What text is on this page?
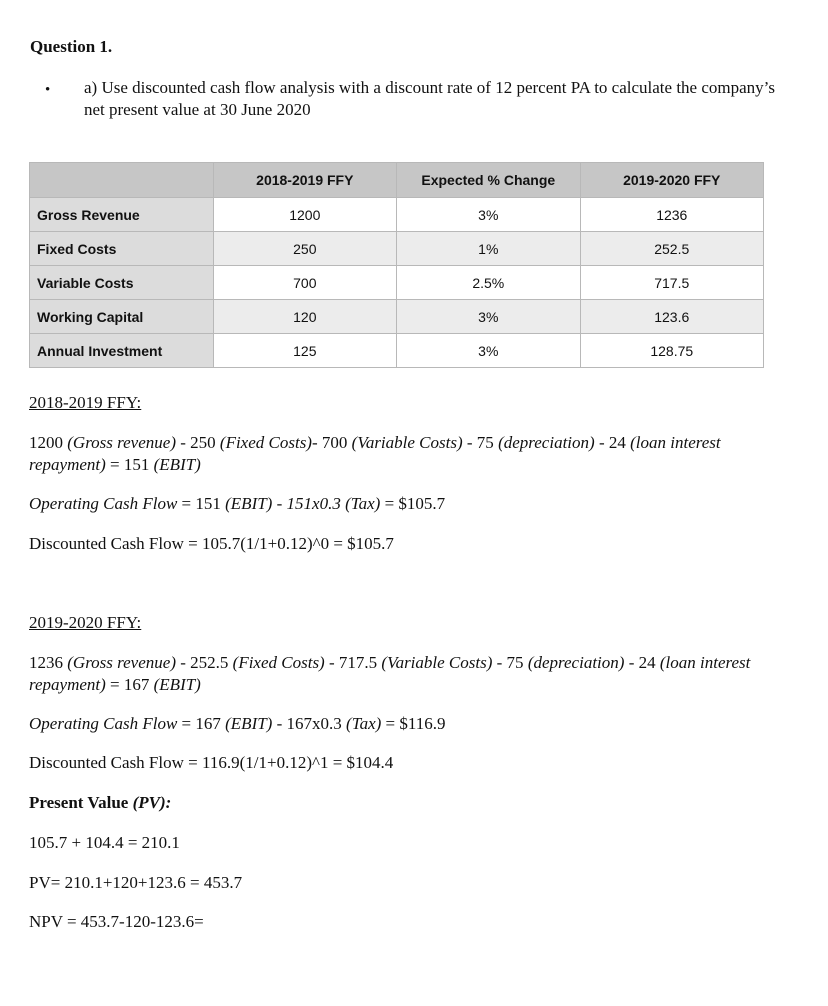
Question 1.
• a) Use discounted cash flow analysis with a discount rate of 12 percent PA to calculate the company’s net present value at 30 June 2020
	2018-2019 FFY	Expected % Change	2019-2020 FFY
Gross Revenue	1200	3%	1236
Fixed Costs	250	1%	252.5
Variable Costs	700	2.5%	717.5
Working Capital	120	3%	123.6
Annual Investment	125	3%	128.75
2018-2019 FFY:
1200 (Gross revenue) - 250 (Fixed Costs)- 700 (Variable Costs) - 75 (depreciation) - 24 (loan interest repayment) = 151 (EBIT)
Operating Cash Flow = 151 (EBIT) - 151x0.3 (Tax) = $105.7
Discounted Cash Flow = 105.7(1/1+0.12)^0 = $105.7
2019-2020 FFY:
1236 (Gross revenue) - 252.5 (Fixed Costs) - 717.5 (Variable Costs) - 75 (depreciation) - 24 (loan interest repayment) = 167 (EBIT)
Operating Cash Flow = 167 (EBIT) - 167x0.3 (Tax) = $116.9
Discounted Cash Flow = 116.9(1/1+0.12)^1 = $104.4
Present Value (PV):
105.7 + 104.4 = 210.1
PV= 210.1+120+123.6 = 453.7
NPV = 453.7-120-123.6=
